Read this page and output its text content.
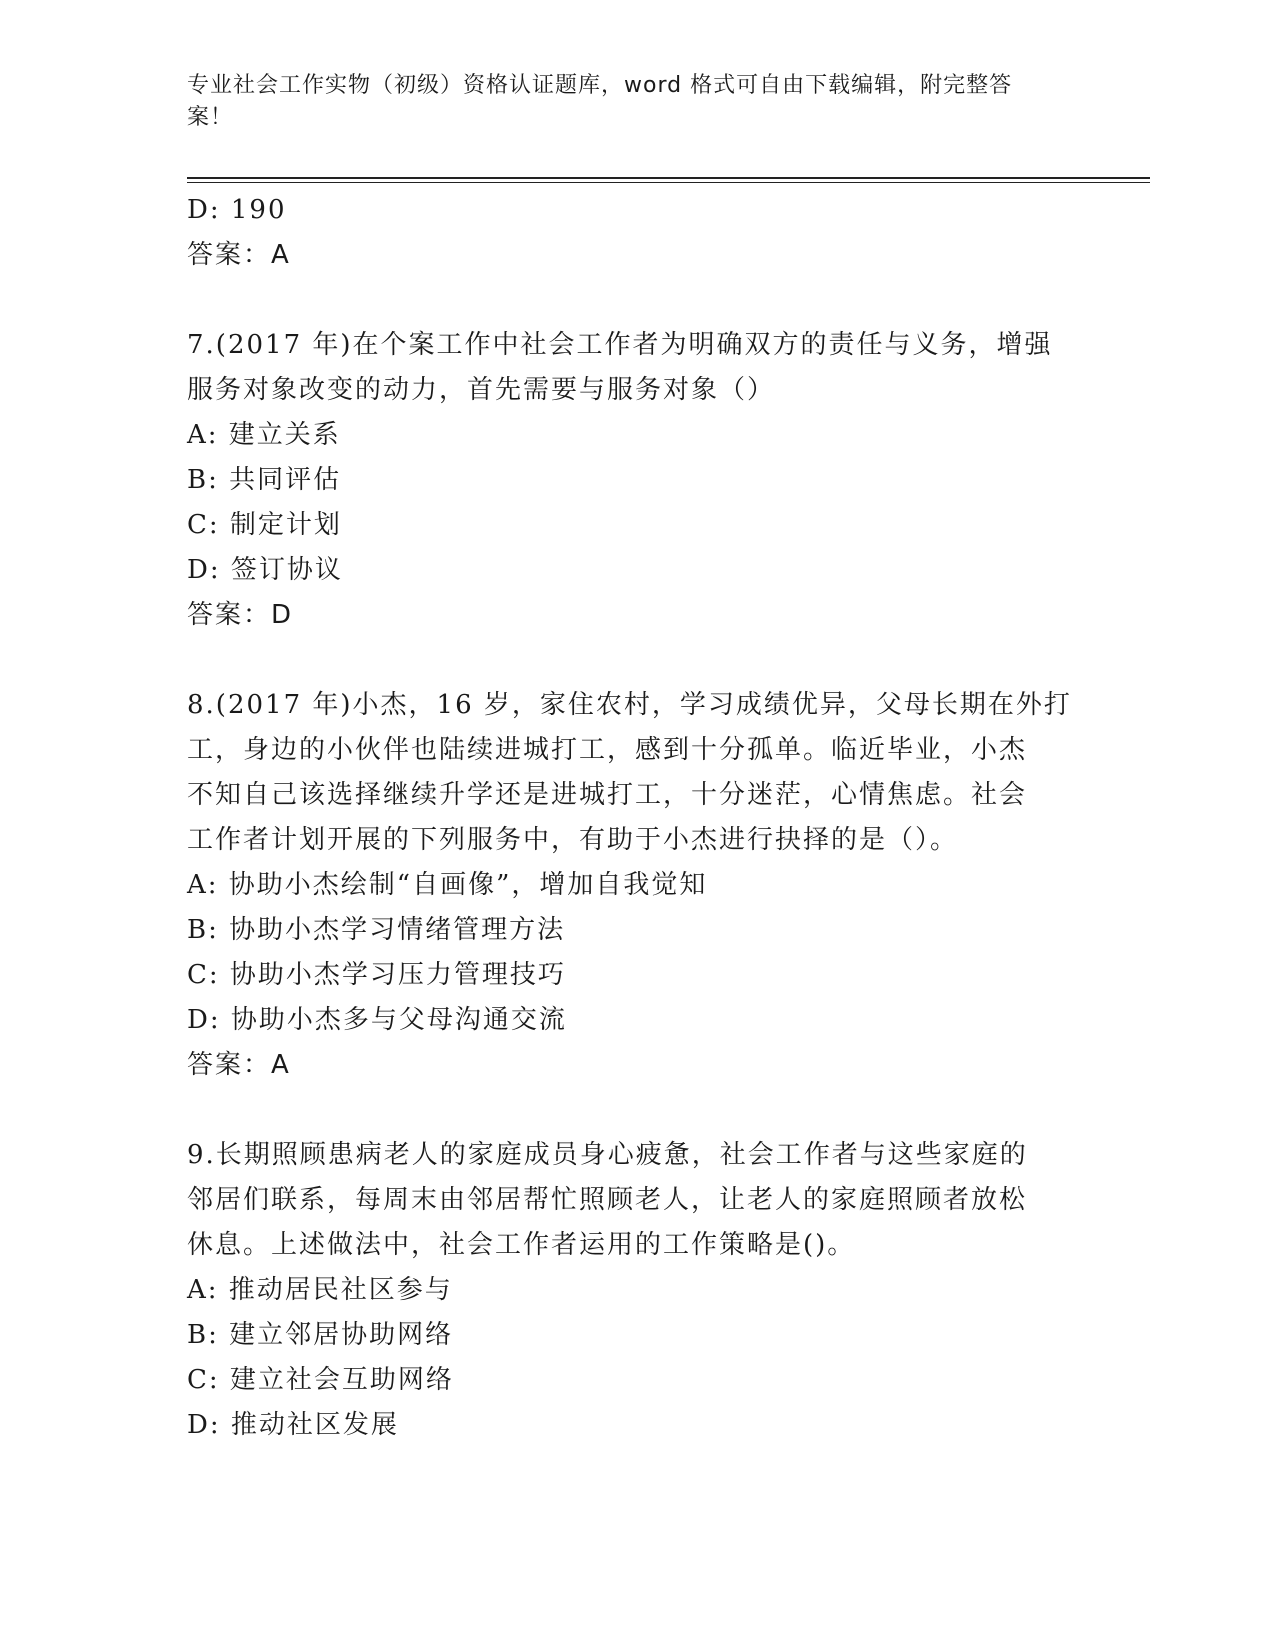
专业社会工作实物（初级）资格认证题库，word 格式可自由下载编辑，附完整答
案！
D: 190
答案：A
7.(2017 年)在个案工作中社会工作者为明确双方的责任与义务，增强
服务对象改变的动力，首先需要与服务对象（）
A: 建立关系
B: 共同评估
C: 制定计划
D: 签订协议
答案：D
8.(2017 年)小杰，16 岁，家住农村，学习成绩优异，父母长期在外打
工，身边的小伙伴也陆续进城打工，感到十分孤单。临近毕业，小杰
不知自己该选择继续升学还是进城打工，十分迷茫，心情焦虑。社会
工作者计划开展的下列服务中，有助于小杰进行抉择的是（）。
A: 协助小杰绘制“自画像”，增加自我觉知
B: 协助小杰学习情绪管理方法
C: 协助小杰学习压力管理技巧
D: 协助小杰多与父母沟通交流
答案：A
9.长期照顾患病老人的家庭成员身心疲惫，社会工作者与这些家庭的
邻居们联系，每周末由邻居帮忙照顾老人，让老人的家庭照顾者放松
休息。上述做法中，社会工作者运用的工作策略是()。
A: 推动居民社区参与
B: 建立邻居协助网络
C: 建立社会互助网络
D: 推动社区发展
